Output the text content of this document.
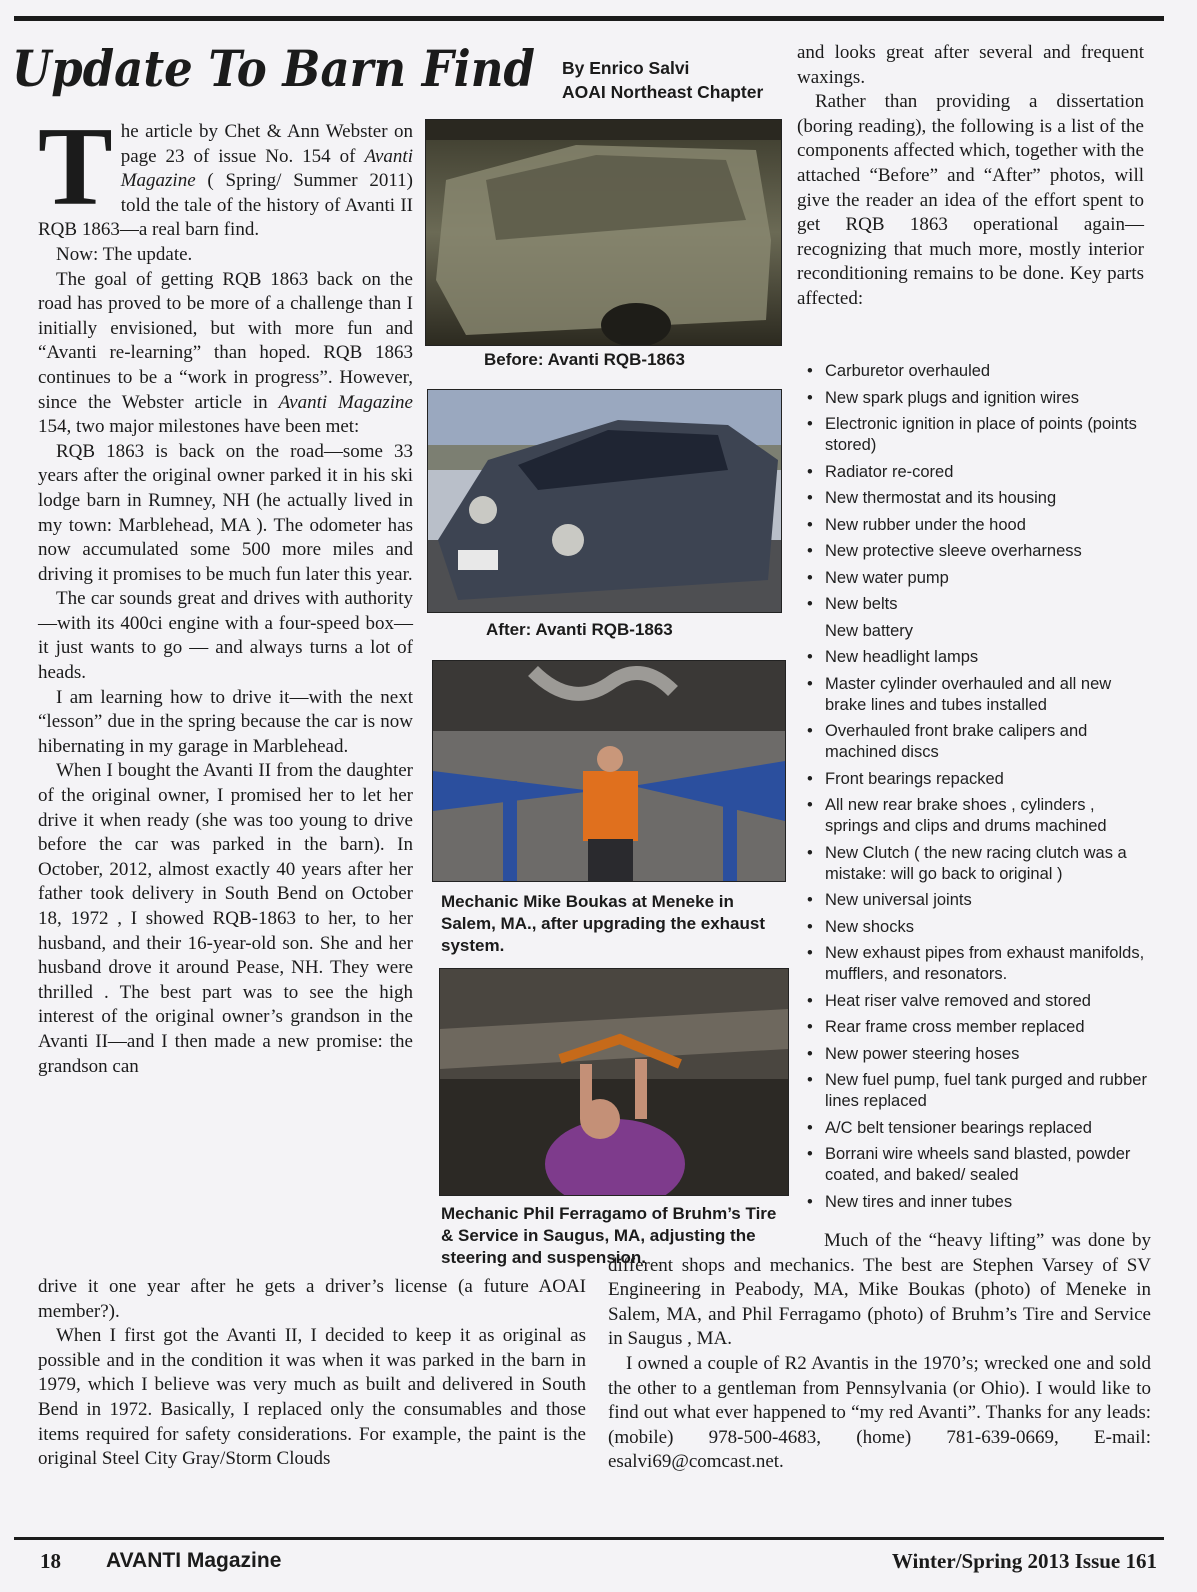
Update To Barn Find By Enrico Salvi
AOAI Northeast Chapter

The article by Chet & Ann Webster on page 23 of issue No. 154 of Avanti Magazine ( Spring/ Summer 2011) told the tale of the history of Avanti II RQB 1863—a real barn find.

Now: The update.

The goal of getting RQB 1863 back on the road has proved to be more of a challenge than I initially envisioned, but with more fun and “Avanti re-learning” than hoped. RQB 1863 continues to be a “work in progress”. However, since the Webster article in Avanti Magazine 154, two major milestones have been met:

RQB 1863 is back on the road—some 33 years after the original owner parked it in his ski lodge barn in Rumney, NH (he actually lived in my town: Marblehead, MA ). The odometer has now accumulated some 500 more miles and driving it promises to be much fun later this year.

The car sounds great and drives with authority—with its 400ci engine with a four-speed box—it just wants to go — and always turns a lot of heads.

I am learning how to drive it—with the next “lesson” due in the spring because the car is now hibernating in my garage in Marblehead.

When I bought the Avanti II from the daughter of the original owner, I promised her to let her drive it when ready (she was too young to drive before the car was parked in the barn). In October, 2012, almost exactly 40 years after her father took delivery in South Bend on October 18, 1972 , I showed RQB-1863 to her, to her husband, and their 16-year-old son. She and her husband drove it around Pease, NH. They were thrilled . The best part was to see the high interest of the original owner’s grandson in the Avanti II—and I then made a new promise: the grandson can

drive it one year after he gets a driver’s license (a future AOAI member?).

When I first got the Avanti II, I decided to keep it as original as possible and in the condition it was when it was parked in the barn in 1979, which I believe was very much as built and delivered in South Bend in 1972. Basically, I replaced only the consumables and those items required for safety considerations. For example, the paint is the original Steel City Gray/Storm Clouds

Before: Avanti RQB-1863
After: Avanti RQB-1863
Mechanic Mike Boukas at Meneke in Salem, MA., after upgrading the exhaust system.
Mechanic Phil Ferragamo of Bruhm’s Tire & Service in Saugus, MA, adjusting the steering and suspension.

and looks great after several and frequent waxings.

Rather than providing a dissertation (boring reading), the following is a list of the components affected which, together with the attached “Before” and “After” photos, will give the reader an idea of the effort spent to get RQB 1863 operational again—recognizing that much more, mostly interior reconditioning remains to be done. Key parts affected:

• Carburetor overhauled
• New spark plugs and ignition wires
• Electronic ignition in place of points (points stored)
• Radiator re-cored
• New thermostat and its housing
• New rubber under the hood
• New protective sleeve overharness
• New water pump
• New belts
New battery
• New headlight lamps
• Master cylinder overhauled and all new brake lines and tubes installed
• Overhauled front brake calipers and machined discs
• Front bearings repacked
• All new rear brake shoes , cylinders , springs and clips and drums machined
• New Clutch ( the new racing clutch was a mistake: will go back to original )
• New universal joints
• New shocks
• New exhaust pipes from exhaust manifolds, mufflers, and resonators.
• Heat riser valve removed and stored
• Rear frame cross member replaced
• New power steering hoses
• New fuel pump, fuel tank purged and rubber lines replaced
• A/C belt tensioner bearings replaced
• Borrani wire wheels sand blasted, powder coated, and baked/ sealed
• New tires and inner tubes

Much of the “heavy lifting” was done by different shops and mechanics. The best are Stephen Varsey of SV Engineering in Peabody, MA, Mike Boukas (photo) of Meneke in Salem, MA, and Phil Ferragamo (photo) of Bruhm’s Tire and Service in Saugus , MA.

I owned a couple of R2 Avantis in the 1970’s; wrecked one and sold the other to a gentleman from Pennsylvania (or Ohio). I would like to find out what ever happened to “my red Avanti”. Thanks for any leads: (mobile) 978-500-4683, (home) 781-639-0669, E-mail: esalvi69@comcast.net.

18 AVANTI Magazine	Winter/Spring 2013 Issue 161
